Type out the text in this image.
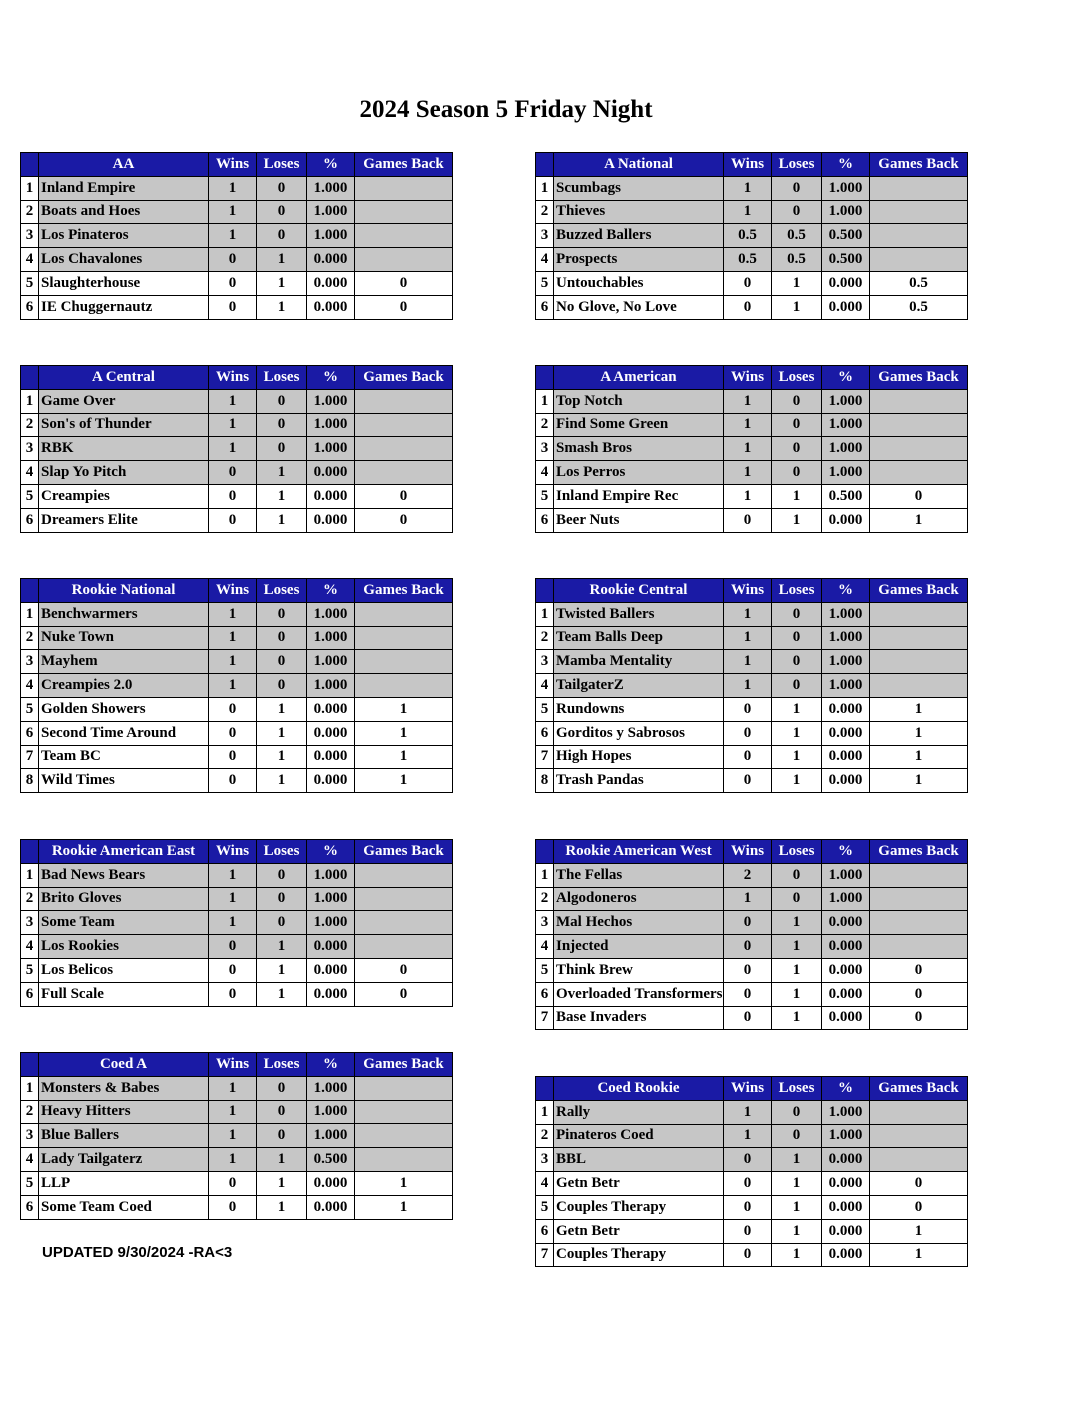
2024 Season 5 Friday Night
	AA	Wins	Loses	%	Games Back
1	Inland Empire	1	0	1.000	
2	Boats and Hoes	1	0	1.000	
3	Los Pinateros	1	0	1.000	
4	Los Chavalones	0	1	0.000	
5	Slaughterhouse	0	1	0.000	0
6	IE Chuggernautz	0	1	0.000	0
	A National	Wins	Loses	%	Games Back
1	Scumbags	1	0	1.000	
2	Thieves	1	0	1.000	
3	Buzzed Ballers	0.5	0.5	0.500	
4	Prospects	0.5	0.5	0.500	
5	Untouchables	0	1	0.000	0.5
6	No Glove, No Love	0	1	0.000	0.5
	A Central	Wins	Loses	%	Games Back
1	Game Over	1	0	1.000	
2	Son's of Thunder	1	0	1.000	
3	RBK	1	0	1.000	
4	Slap Yo Pitch	0	1	0.000	
5	Creampies	0	1	0.000	0
6	Dreamers Elite	0	1	0.000	0
	A American	Wins	Loses	%	Games Back
1	Top Notch	1	0	1.000	
2	Find Some Green	1	0	1.000	
3	Smash Bros	1	0	1.000	
4	Los Perros	1	0	1.000	
5	Inland Empire Rec	1	1	0.500	0
6	Beer Nuts	0	1	0.000	1
	Rookie National	Wins	Loses	%	Games Back
1	Benchwarmers	1	0	1.000	
2	Nuke Town	1	0	1.000	
3	Mayhem	1	0	1.000	
4	Creampies 2.0	1	0	1.000	
5	Golden Showers	0	1	0.000	1
6	Second Time Around	0	1	0.000	1
7	Team BC	0	1	0.000	1
8	Wild Times	0	1	0.000	1
	Rookie Central	Wins	Loses	%	Games Back
1	Twisted Ballers	1	0	1.000	
2	Team Balls Deep	1	0	1.000	
3	Mamba Mentality	1	0	1.000	
4	TailgaterZ	1	0	1.000	
5	Rundowns	0	1	0.000	1
6	Gorditos y Sabrosos	0	1	0.000	1
7	High Hopes	0	1	0.000	1
8	Trash Pandas	0	1	0.000	1
	Rookie American East	Wins	Loses	%	Games Back
1	Bad News Bears	1	0	1.000	
2	Brito Gloves	1	0	1.000	
3	Some Team	1	0	1.000	
4	Los Rookies	0	1	0.000	
5	Los Belicos	0	1	0.000	0
6	Full Scale	0	1	0.000	0
	Rookie American West	Wins	Loses	%	Games Back
1	The Fellas	2	0	1.000	
2	Algodoneros	1	0	1.000	
3	Mal Hechos	0	1	0.000	
4	Injected	0	1	0.000	
5	Think Brew	0	1	0.000	0
6	Overloaded Transformers	0	1	0.000	0
7	Base Invaders	0	1	0.000	0
	Coed A	Wins	Loses	%	Games Back
1	Monsters & Babes	1	0	1.000	
2	Heavy Hitters	1	0	1.000	
3	Blue Ballers	1	0	1.000	
4	Lady Tailgaterz	1	1	0.500	
5	LLP	0	1	0.000	1
6	Some Team Coed	0	1	0.000	1
	Coed Rookie	Wins	Loses	%	Games Back
1	Rally	1	0	1.000	
2	Pinateros Coed	1	0	1.000	
3	BBL	0	1	0.000	
4	Getn Betr	0	1	0.000	0
5	Couples Therapy	0	1	0.000	0
6	Getn Betr	0	1	0.000	1
7	Couples Therapy	0	1	0.000	1
UPDATED 9/30/2024 -RA<3
